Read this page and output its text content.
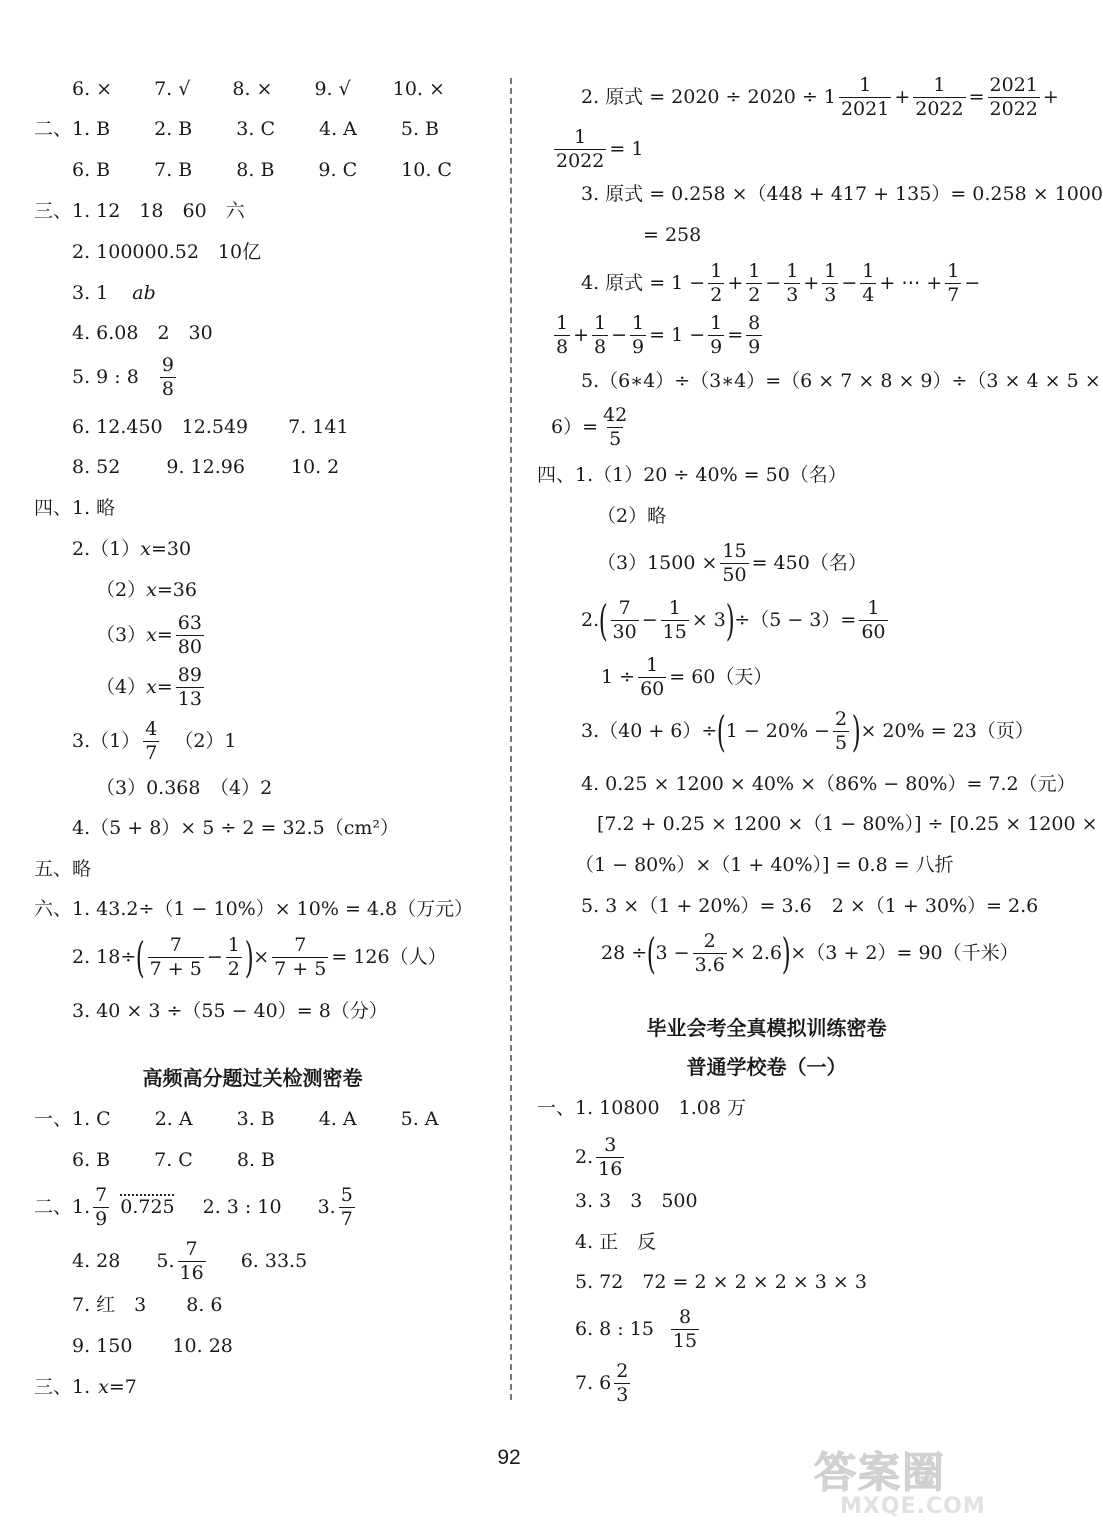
6. × 7. √ 8. × 9. √ 10. ×
二、1. B 2. B 3. C 4. A 5. B
6. B 7. B 8. B 9. C 10. C
三、1. 12　18　60　六
2. 100000.52　10亿
3. 1 ab
4. 6.08　2　30
5. 9 : $8 \frac{9}{8}$
6. 12.450　12.549 7. 141
8. 52 9. 12.96 10. 2
四、1. 略
2.（1） x =30
（2） x =36
（3） $x = \frac{63}{80}$
（4） $x = \frac{89}{13}$
$3.(1) \frac{4}{7} (2)1$
（3）0.368　（4）2
4.（5 + 8）× 5 ÷ 2 = 32.5（cm²）
五、略
六、1. 43.2÷（1 − 10%）× 10% = 4.8（万元）
2. 18÷ ( $\frac{7}{7 + 5} - \frac{1}{2}$ ) × $\frac{7}{7 + 5} = 126$（人）
3. 40 × 3 ÷（55 − 40）= 8（分）
高频高分题过关检测密卷
一、1. C 2. A 3. B 4. A 5. A
6. B 7. C 8. B
二、1. $\frac{7}{9} 0.725$ 2. 3 : 10 3. $\frac{5}{7}$
4. 28 5. $\frac{7}{16} 6$. 33.5
7. 红　3 8. 6
9. 150 10. 28
三、1. x =7
2. 原式 = $2020 \div 2020 \div 1 \frac{1}{2021} + \frac{1}{2022} = \frac{2021}{2022}$ +
$\frac{1}{2022} = 1$
3. 原式 = 0.258 ×（448 + 417 + 135）= 0.258 × 1000
= 258
4. 原式 = $1 - \frac{1}{2} + \frac{1}{2} - \frac{1}{3} + \frac{1}{3} - \frac{1}{4}$ + ⋯ + $\frac{1}{7}$ −
$\frac{1}{8} + \frac{1}{8} - \frac{1}{9} = 1 - \frac{1}{9} = \frac{8}{9}$
5.（6∗4）÷（3∗4）=（6 × 7 × 8 × 9）÷（3 × 4 × 5 ×
$6)= \frac{42}{5}$
四、1.（1）20 ÷ 40% = 50（名）
（2）略
$(3)1500 \times \frac{15}{50} = 450$（名）
2. ( $\frac{7}{30} - \frac{1}{15} \times 3$ ) $\div(5 - 3)= \frac{1}{60}$
$1 \div \frac{1}{60} = 60$（天）
3.（40 + 6）÷ ( $1 - 20\% - \frac{2}{5}$ ) × 20% = 23（页）
4. 0.25 × 1200 × 40% ×（86% − 80%）= 7.2（元）
[7.2 + 0.25 × 1200 ×（1 − 80%）] ÷ [0.25 × 1200 ×
（1 − 80%）×（1 + 40%）] = 0.8 = 八折
5. 3 ×（1 + 20%）= 3.6 2 ×（1 + 30%）= 2.6
28 ÷ ( $3 - \frac{2}{3.6} \times 2.6$ ) ×（3 + 2）= 90（千米）
毕业会考全真模拟训练密卷
普通学校卷（一）
一、1. 10800　1.08 万
2. $\frac{3}{16}$
3. 3　3　500
4. 正　反
5. 72　72 = 2 × 2 × 2 × 3 × 3
6. 8 : $15 \frac{8}{15}$
7. $6 \frac{2}{3}$
92	答案圈
MXQE.COM
